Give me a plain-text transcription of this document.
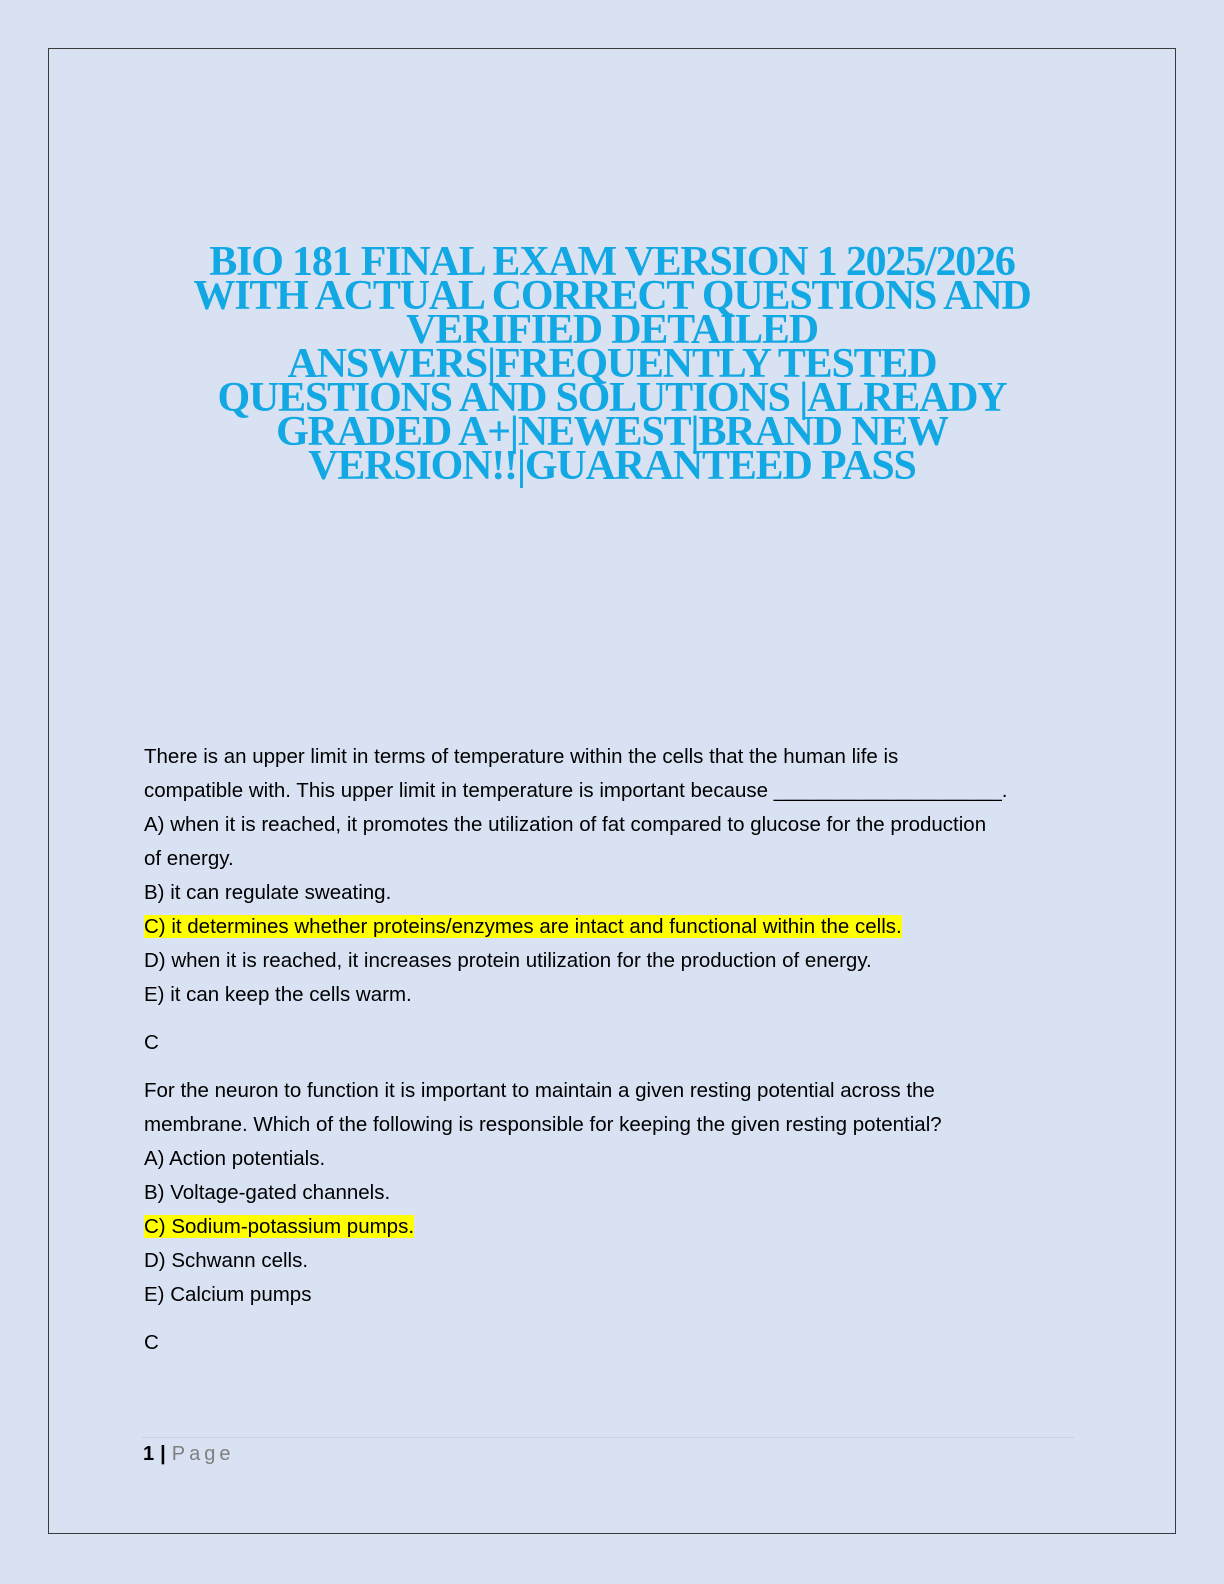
BIO 181 FINAL EXAM VERSION 1 2025/2026
WITH ACTUAL CORRECT QUESTIONS AND
VERIFIED DETAILED
ANSWERS|FREQUENTLY TESTED
QUESTIONS AND SOLUTIONS |ALREADY
GRADED A+|NEWEST|BRAND NEW
VERSION!!|GUARANTEED PASS
There is an upper limit in terms of temperature within the cells that the human life is
compatible with. This upper limit in temperature is important because ____________________.
A) when it is reached, it promotes the utilization of fat compared to glucose for the production
of energy.
B) it can regulate sweating.
C) it determines whether proteins/enzymes are intact and functional within the cells.
D) when it is reached, it increases protein utilization for the production of energy.
E) it can keep the cells warm.
C
For the neuron to function it is important to maintain a given resting potential across the
membrane. Which of the following is responsible for keeping the given resting potential?
A) Action potentials.
B) Voltage-gated channels.
C) Sodium-potassium pumps.
D) Schwann cells.
E) Calcium pumps
C
1 | Page
